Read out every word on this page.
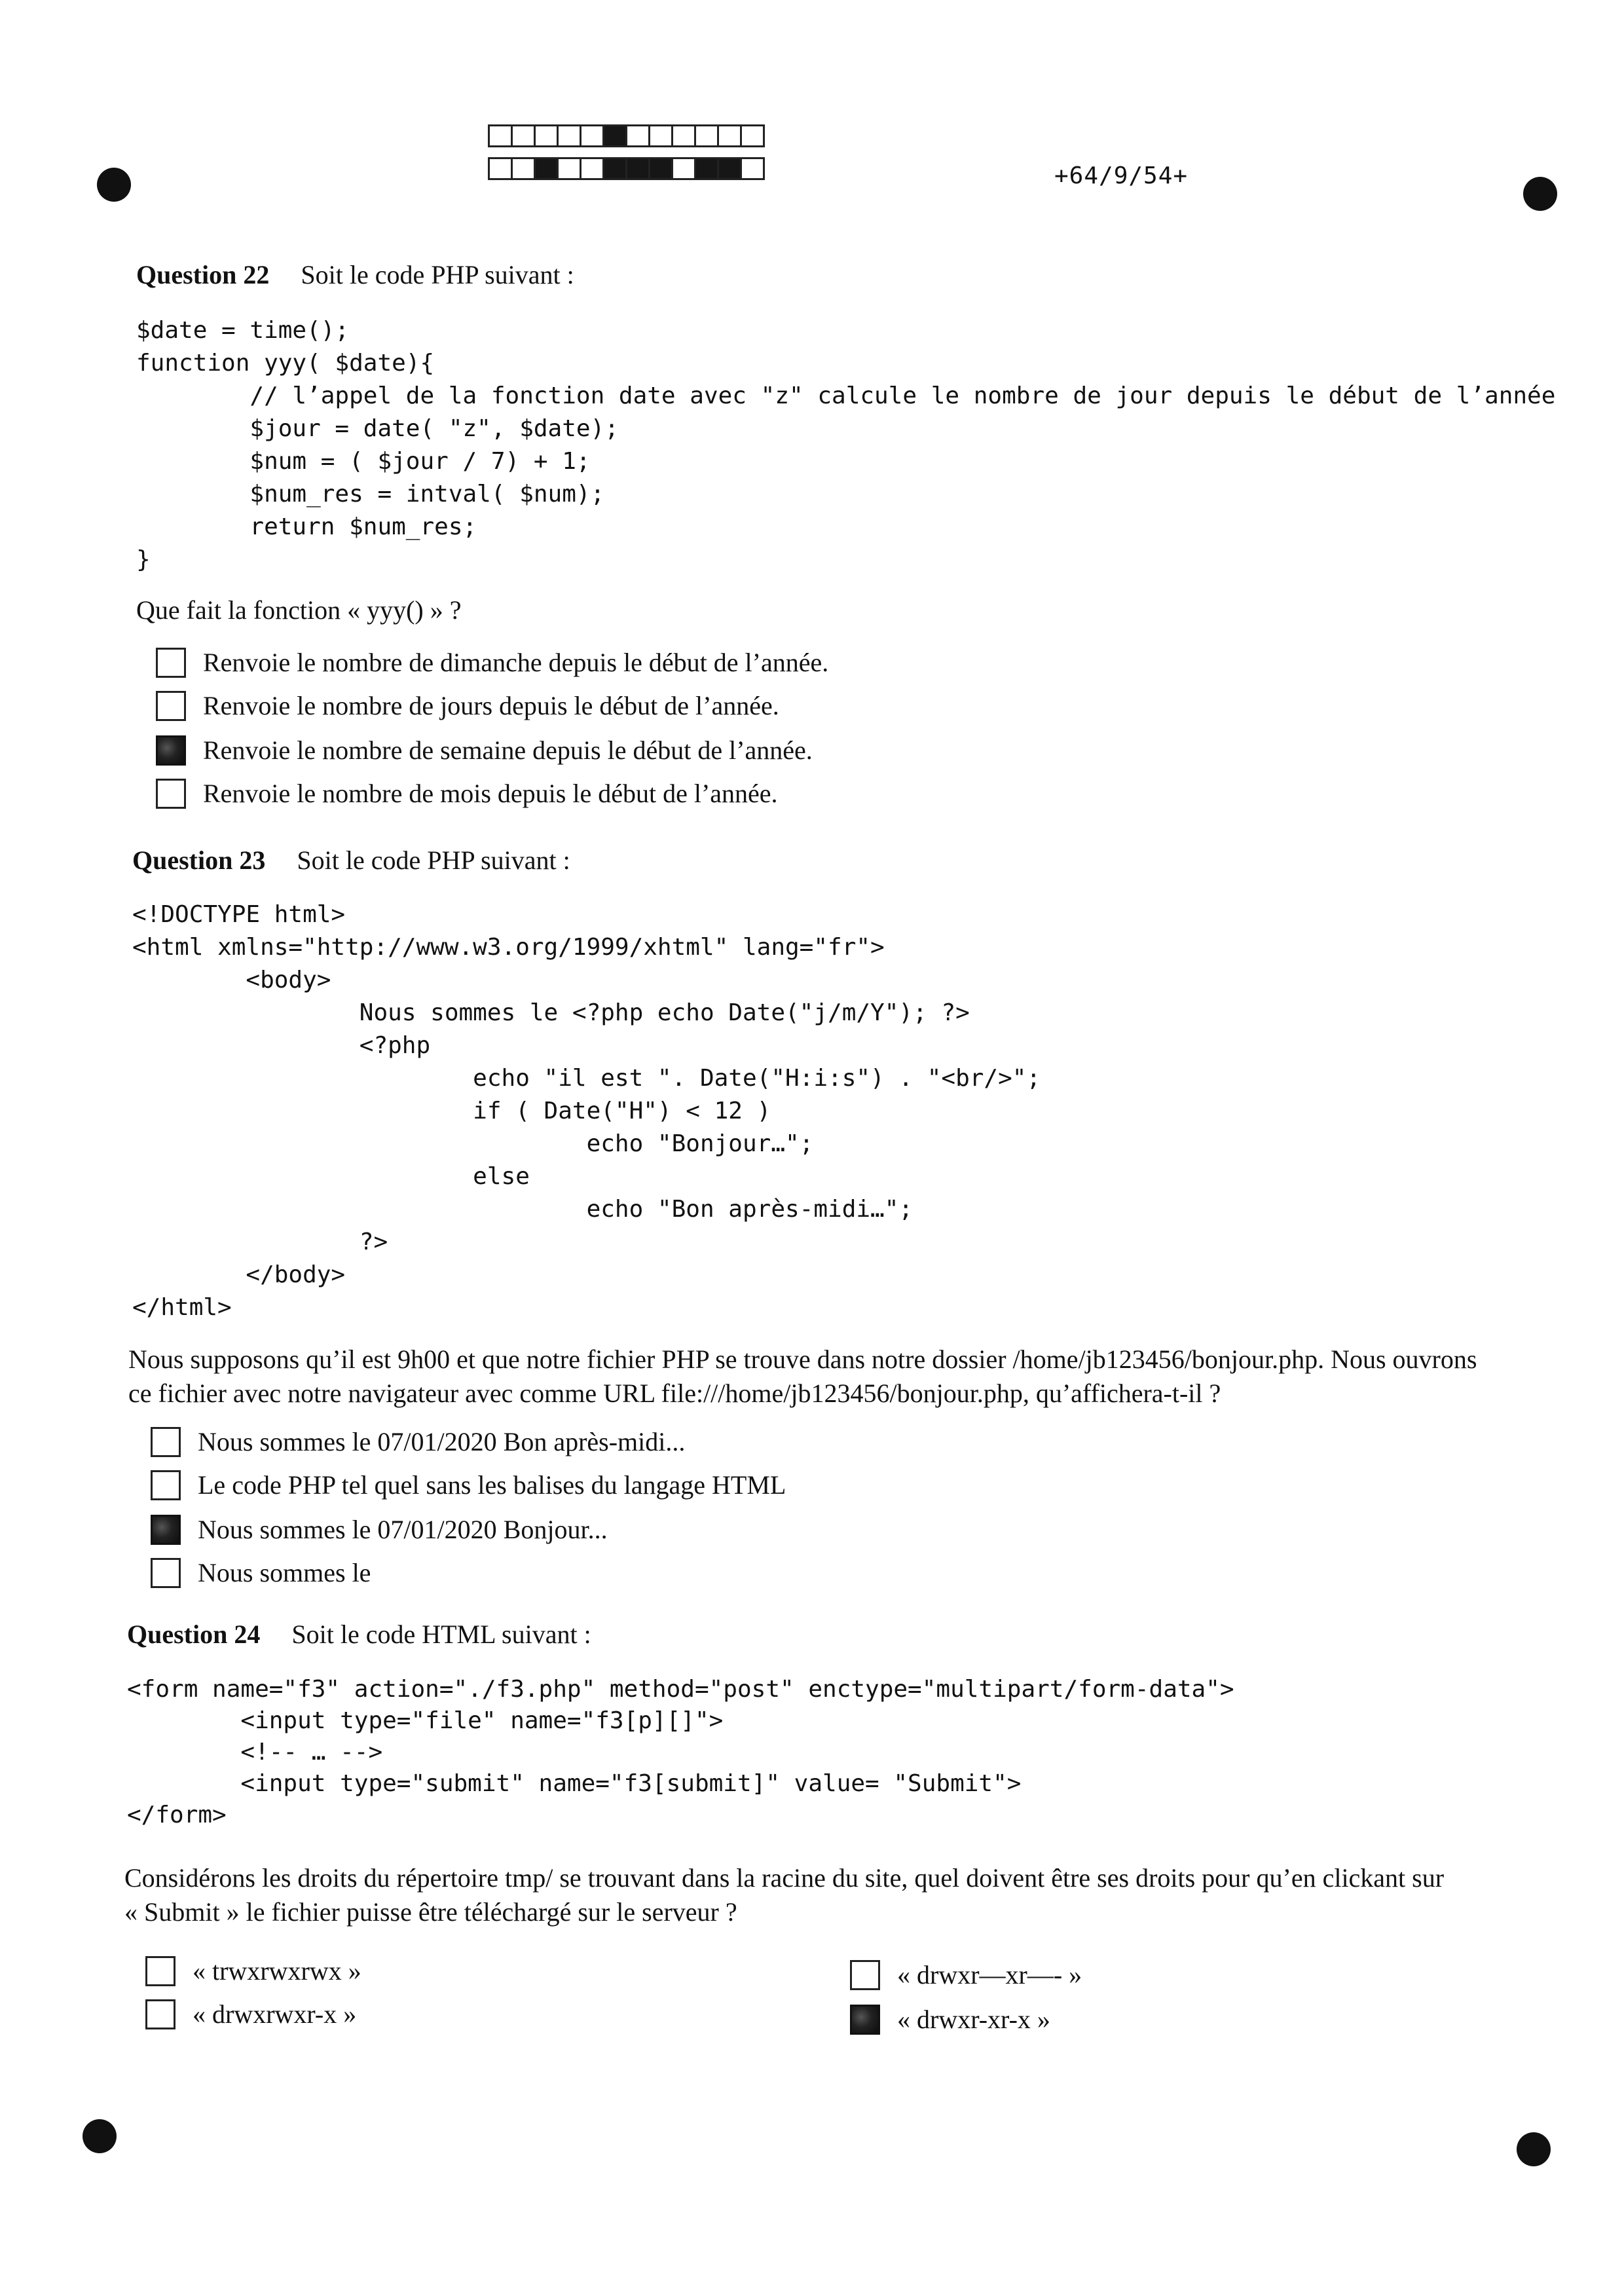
+64/9/54+
Question 22 Soit le code PHP suivant :
$date = time();
function yyy( $date){
// l’appel de la fonction date avec "z" calcule le nombre de jour depuis le début de l’année
$jour = date( "z", $date);
$num = ( $jour / 7) + 1;
$num_res = intval( $num);
return $num_res;
}
Que fait la fonction « yyy() » ?
Renvoie le nombre de dimanche depuis le début de l’année.
Renvoie le nombre de jours depuis le début de l’année.
Renvoie le nombre de semaine depuis le début de l’année.
Renvoie le nombre de mois depuis le début de l’année.
Question 23 Soit le code PHP suivant :
<!DOCTYPE html>
<html xmlns="http://www.w3.org/1999/xhtml" lang="fr">
<body>
Nous sommes le <?php echo Date("j/m/Y"); ?>
<?php
echo "il est ". Date("H:i:s") . "<br/>";
if ( Date("H") < 12 )
echo "Bonjour…";
else
echo "Bon après-midi…";
?>
</body>
</html>
Nous supposons qu’il est 9h00 et que notre fichier PHP se trouve dans notre dossier /home/jb123456/bonjour.php. Nous ouvrons
ce fichier avec notre navigateur avec comme URL file:///home/jb123456/bonjour.php, qu’affichera-t-il ?
Nous sommes le 07/01/2020 Bon après-midi...
Le code PHP tel quel sans les balises du langage HTML
Nous sommes le 07/01/2020 Bonjour...
Nous sommes le
Question 24 Soit le code HTML suivant :
<form name="f3" action="./f3.php" method="post" enctype="multipart/form-data">
<input type="file" name="f3[p][]">
<!-- … -->
<input type="submit" name="f3[submit]" value= "Submit">
</form>
Considérons les droits du répertoire tmp/ se trouvant dans la racine du site, quel doivent être ses droits pour qu’en clickant sur
« Submit » le fichier puisse être téléchargé sur le serveur ?
« trwxrwxrwx »
« drwxrwxr-x »
« drwxr—xr—- »
« drwxr-xr-x »
